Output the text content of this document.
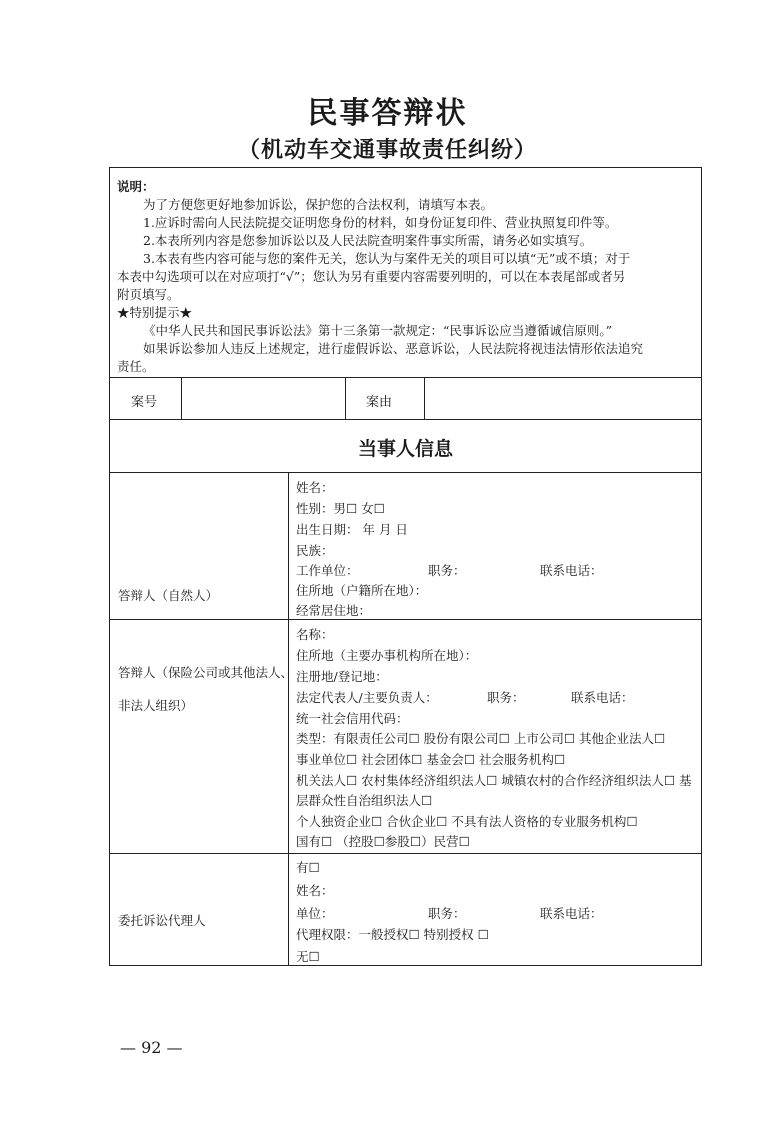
民事答辩状
（机动车交通事故责任纠纷）

说明：

为了方便您更好地参加诉讼，保护您的合法权利，请填写本表。

1.应诉时需向人民法院提交证明您身份的材料，如身份证复印件、营业执照复印件等。

2.本表所列内容是您参加诉讼以及人民法院查明案件事实所需，请务必如实填写。

3.本表有些内容可能与您的案件无关，您认为与案件无关的项目可以填“无”或不填；对于

本表中勾选项可以在对应项打“√”；您认为另有重要内容需要列明的，可以在本表尾部或者另

附页填写。

★特别提示★

《中华人民共和国民事诉讼法》第十三条第一款规定：“民事诉讼应当遵循诚信原则。”

如果诉讼参加人违反上述规定，进行虚假诉讼、恶意诉讼，人民法院将视违法情形依法追究

责任。

案号	案由
当事人信息
答辩人（自然人）
姓名：
性别：男☐ 女☐
出生日期： 年 月 日
民族：
工作单位：	职务：	联系电话：
住所地（户籍所在地）：
经常居住地：
答辩人（保险公司或其他法人、
非法人组织）
名称：
住所地（主要办事机构所在地）：
注册地/登记地：
法定代表人/主要负责人：	职务：	联系电话：
统一社会信用代码：
类型：有限责任公司☐ 股份有限公司☐ 上市公司☐ 其他企业法人☐
事业单位☐ 社会团体☐ 基金会☐ 社会服务机构☐
机关法人☐ 农村集体经济组织法人☐ 城镇农村的合作经济组织法人☐ 基
层群众性自治组织法人☐
个人独资企业☐ 合伙企业☐ 不具有法人资格的专业服务机构☐
国有☐ （控股☐参股☐）民营☐
委托诉讼代理人
有☐
姓名：
单位：	职务：	联系电话：
代理权限：一般授权☐ 特别授权 ☐
无☐
— 92 —
